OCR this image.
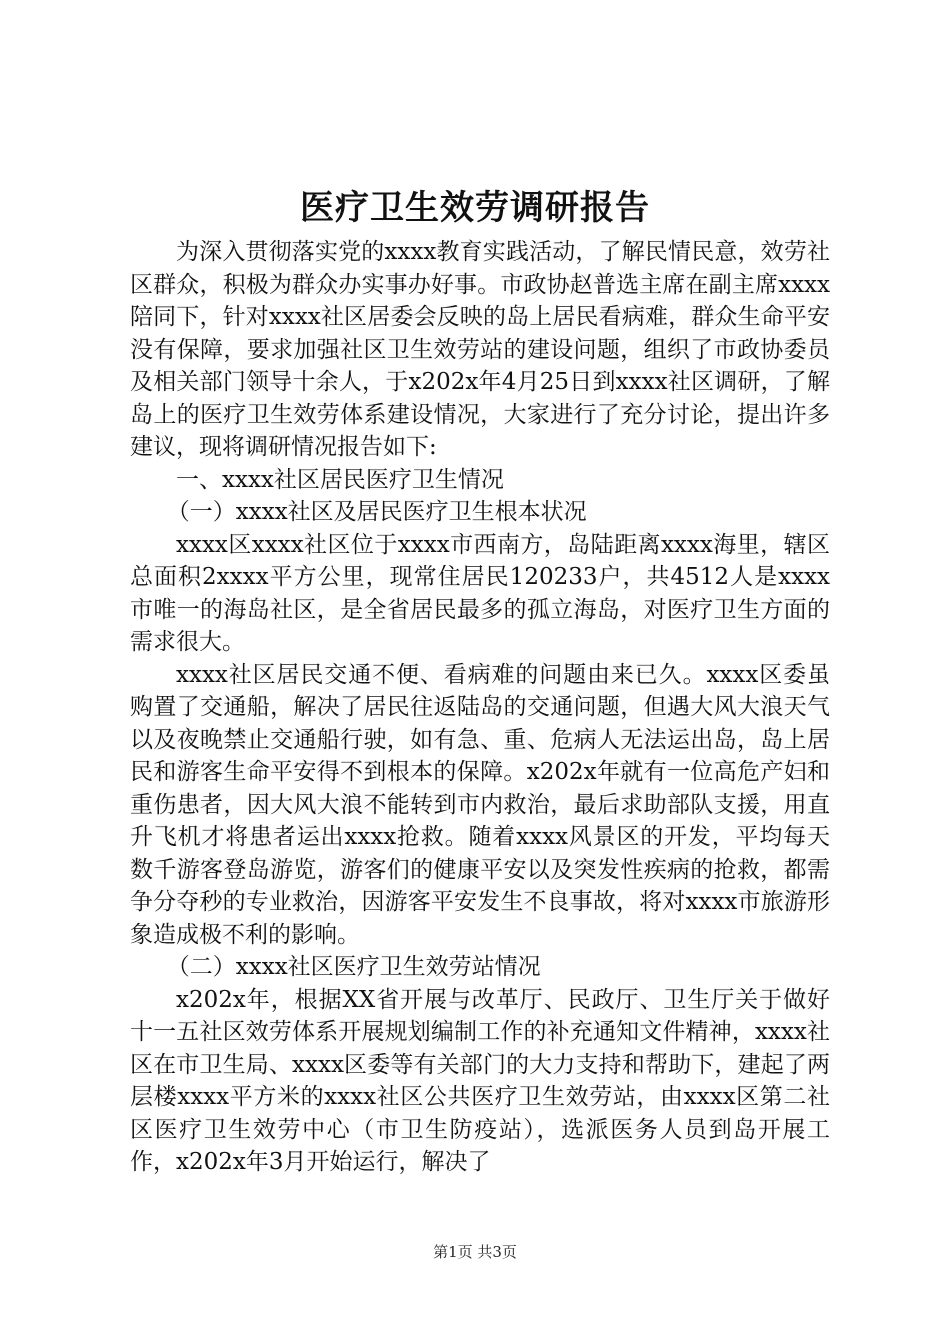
医疗卫生效劳调研报告

为深入贯彻落实党的xxxx教育实践活动，了解民情民意，效劳社区群众，积极为群众办实事办好事。市政协赵普选主席在副主席xxxx陪同下，针对xxxx社区居委会反映的岛上居民看病难，群众生命平安没有保障，要求加强社区卫生效劳站的建设问题，组织了市政协委员及相关部门领导十余人，于x202x年4月25日到xxxx社区调研，了解岛上的医疗卫生效劳体系建设情况，大家进行了充分讨论，提出许多建议，现将调研情况报告如下:

一、xxxx社区居民医疗卫生情况

（一）xxxx社区及居民医疗卫生根本状况

xxxx区xxxx社区位于xxxx市西南方，岛陆距离xxxx海里，辖区总面积2xxxx平方公里，现常住居民120233户，共4512人是xxxx市唯一的海岛社区，是全省居民最多的孤立海岛，对医疗卫生方面的需求很大。

xxxx社区居民交通不便、看病难的问题由来已久。xxxx区委虽购置了交通船，解决了居民往返陆岛的交通问题，但遇大风大浪天气以及夜晚禁止交通船行驶，如有急、重、危病人无法运出岛，岛上居民和游客生命平安得不到根本的保障。x202x年就有一位高危产妇和重伤患者，因大风大浪不能转到市内救治，最后求助部队支援，用直升飞机才将患者运出xxxx抢救。随着xxxx风景区的开发，平均每天数千游客登岛游览，游客们的健康平安以及突发性疾病的抢救，都需争分夺秒的专业救治，因游客平安发生不良事故，将对xxxx市旅游形象造成极不利的影响。

（二）xxxx社区医疗卫生效劳站情况

x202x年，根据XX省开展与改革厅、民政厅、卫生厅关于做好十一五社区效劳体系开展规划编制工作的补充通知文件精神，xxxx社区在市卫生局、xxxx区委等有关部门的大力支持和帮助下，建起了两层楼xxxx平方米的xxxx社区公共医疗卫生效劳站，由xxxx区第二社区医疗卫生效劳中心（市卫生防疫站），选派医务人员到岛开展工作，x202x年3月开始运行，解决了

第1页 共3页
